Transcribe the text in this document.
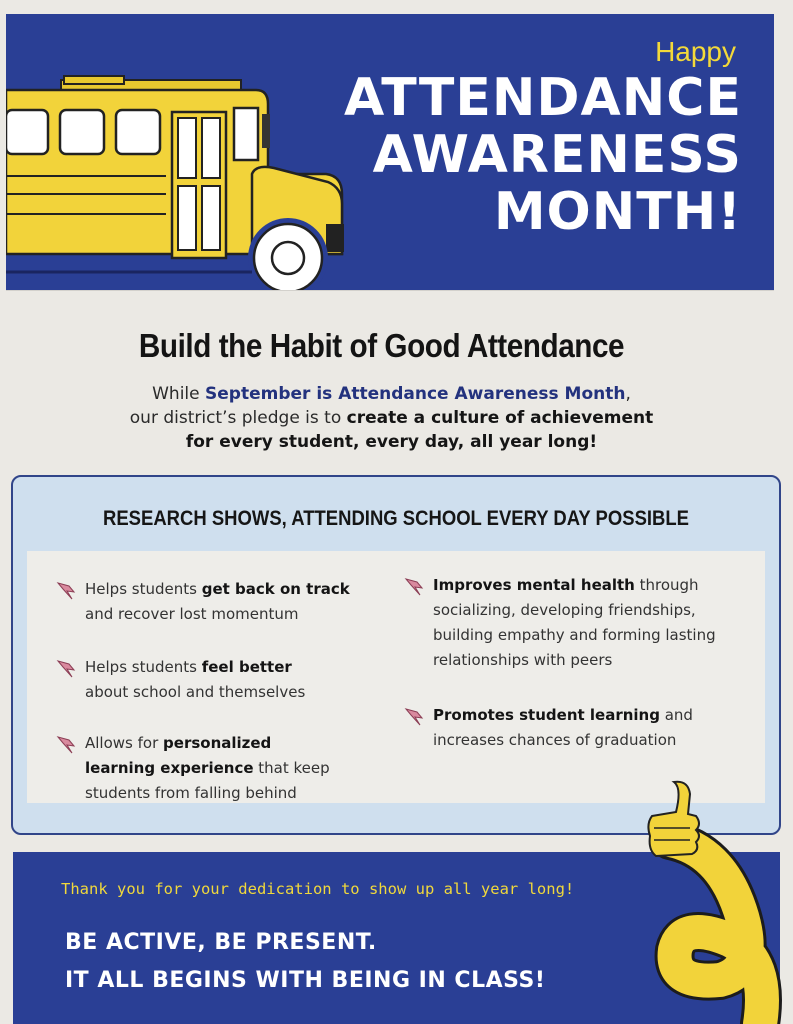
Happy
ATTENDANCE
AWARENESS
MONTH!
Build the Habit of Good Attendance
While September is Attendance Awareness Month,
our district’s pledge is to create a culture of achievement
for every student, every day, all year long!
RESEARCH SHOWS, ATTENDING SCHOOL EVERY DAY POSSIBLE
Helps students get back on track and recover lost momentum
Helps students feel better about school and themselves
Allows for personalized learning experience that keep students from falling behind
Improves mental health through socializing, developing friendships, building empathy and forming lasting relationships with peers
Promotes student learning and increases chances of graduation
Thank you for your dedication to show up all year long!
BE ACTIVE, BE PRESENT.
IT ALL BEGINS WITH BEING IN CLASS!
